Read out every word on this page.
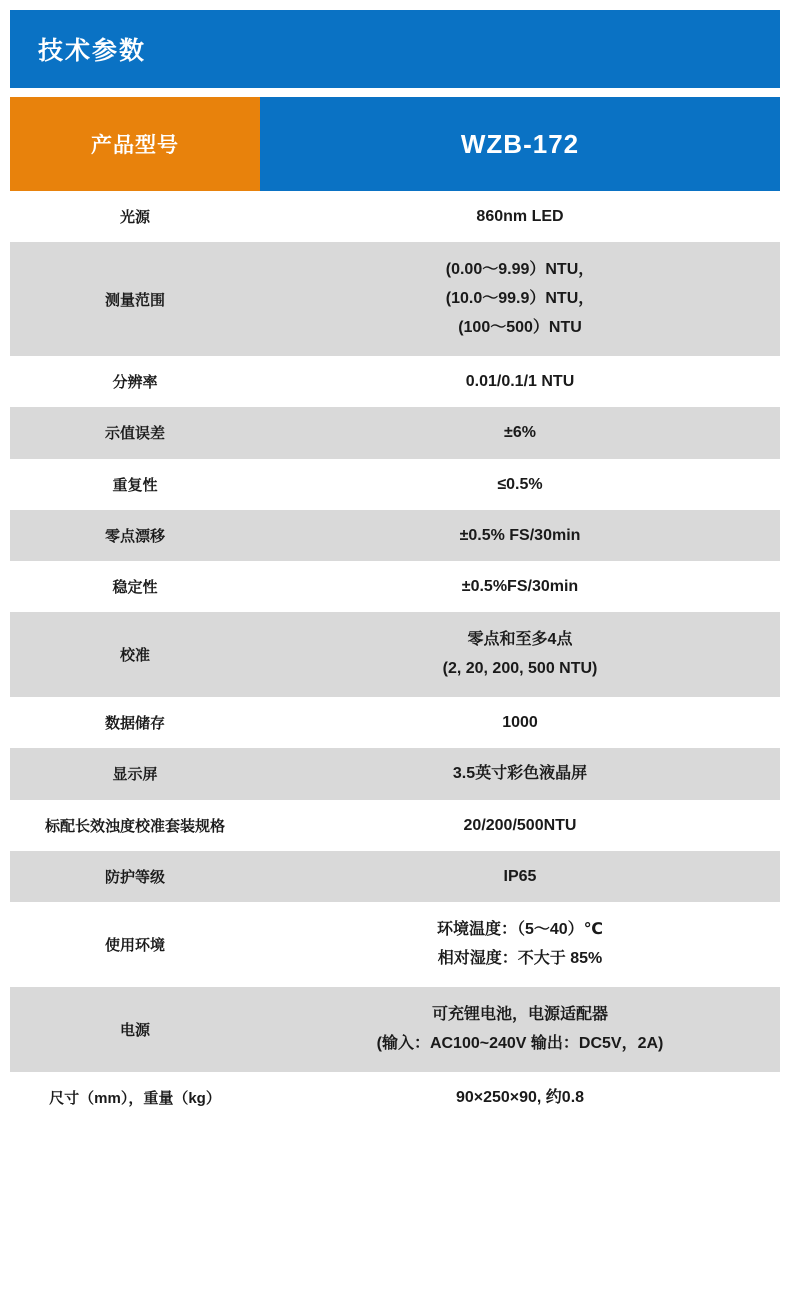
技术参数
产品型号	WZB-172

光源	860nm LED

测量范围	(0.00～9.99）NTU，
(10.0～99.9）NTU，
(100～500）NTU

分辨率	0.01/0.1/1 NTU

示值误差	±6%

重复性	≤0.5%

零点漂移	±0.5% FS/30min

稳定性	±0.5%FS/30min

校准	零点和至多4点
(2, 20, 200, 500 NTU)

数据储存	1000

显示屏	3.5英寸彩色液晶屏

标配长效浊度校准套装规格	20/200/500NTU

防护等级	IP65

使用环境	环境温度：（5～40）℃
相对湿度：不大于 85%

电源	可充锂电池，电源适配器
(输入：AC100~240V 输出：DC5V，2A)

尺寸（mm），重量（kg）	90×250×90, 约0.8
